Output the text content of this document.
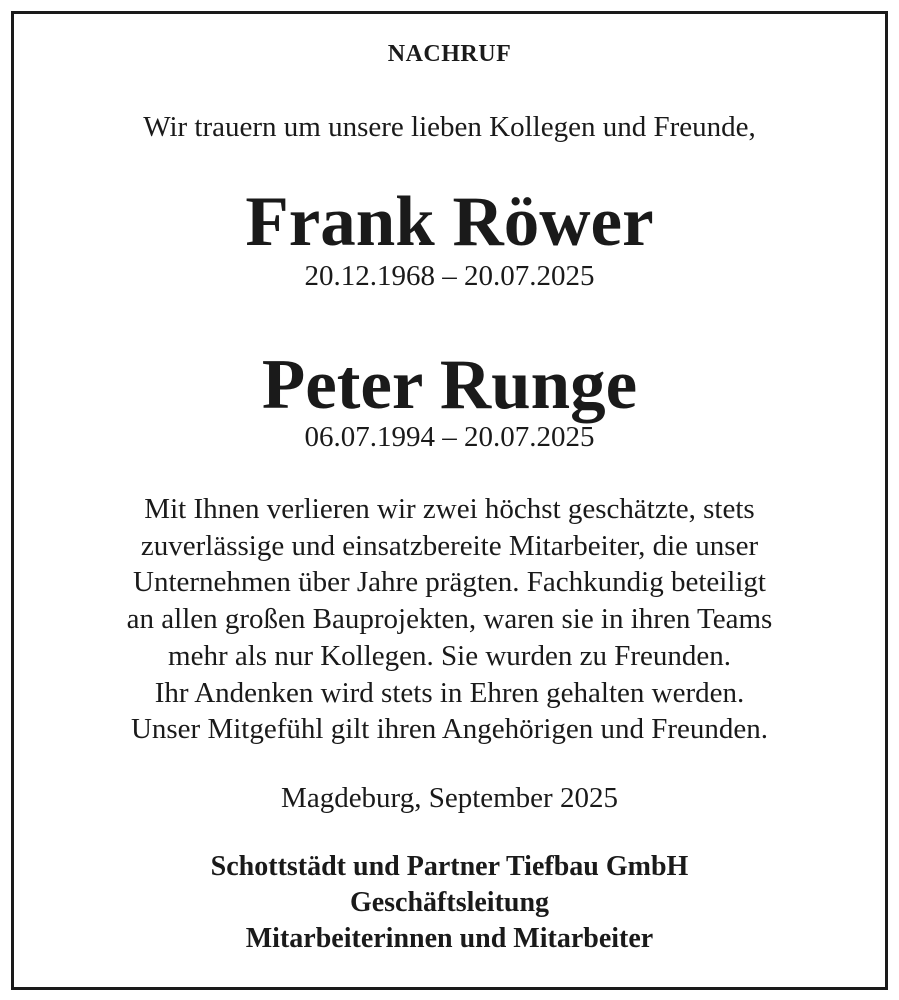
NACHRUF
Wir trauern um unsere lieben Kollegen und Freunde,
Frank Röwer
20.12.1968 – 20.07.2025
Peter Runge
06.07.1994 – 20.07.2025
Mit Ihnen verlieren wir zwei höchst geschätzte, stets
zuverlässige und einsatzbereite Mitarbeiter, die unser
Unternehmen über Jahre prägten. Fachkundig beteiligt
an allen großen Bauprojekten, waren sie in ihren Teams
mehr als nur Kollegen. Sie wurden zu Freunden.
Ihr Andenken wird stets in Ehren gehalten werden.
Unser Mitgefühl gilt ihren Angehörigen und Freunden.
Magdeburg, September 2025
Schottstädt und Partner Tiefbau GmbH
Geschäftsleitung
Mitarbeiterinnen und Mitarbeiter
